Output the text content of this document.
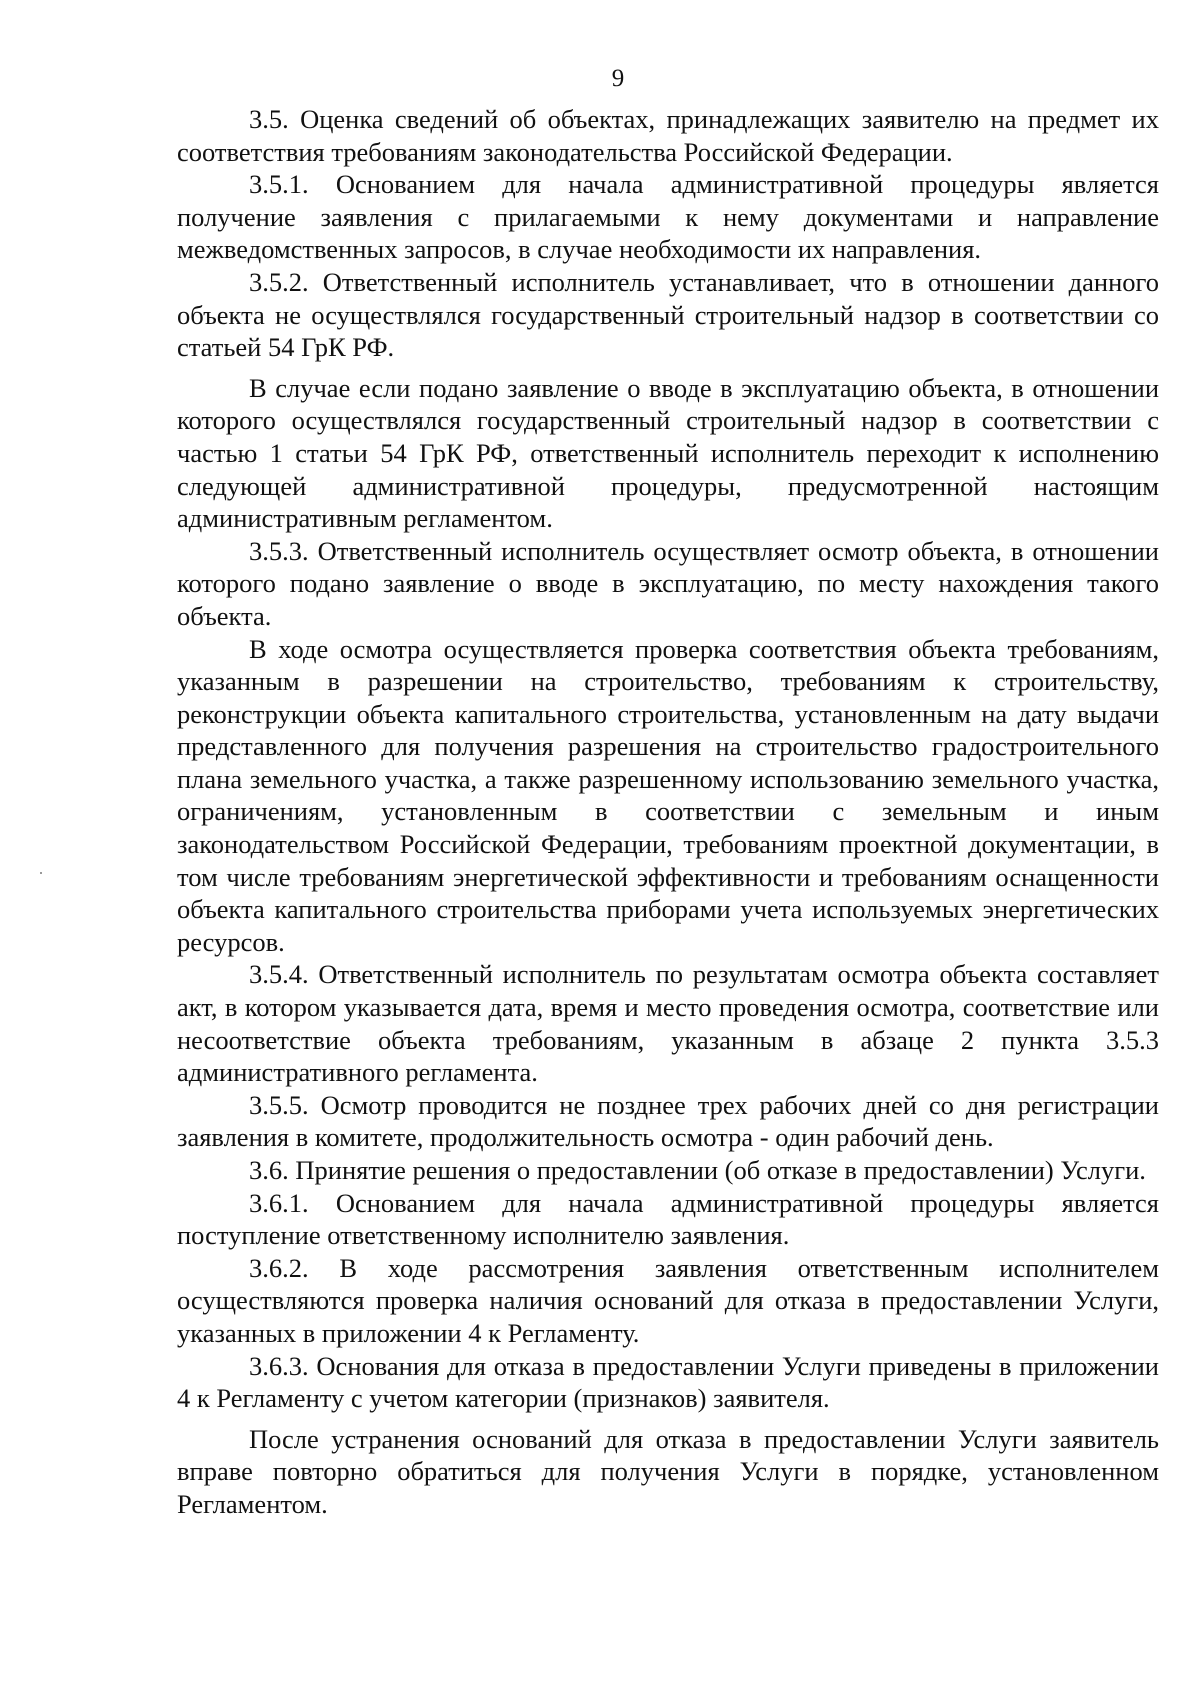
9

3.5. Оценка сведений об объектах, принадлежащих заявителю на предмет их соответствия требованиям законодательства Российской Федерации.

3.5.1. Основанием для начала административной процедуры является получение заявления с прилагаемыми к нему документами и направление межведомственных запросов, в случае необходимости их направления.

3.5.2. Ответственный исполнитель устанавливает, что в отношении данного объекта не осуществлялся государственный строительный надзор в соответствии со статьей 54 ГрК РФ.

В случае если подано заявление о вводе в эксплуатацию объекта, в отношении которого осуществлялся государственный строительный надзор в соответствии с частью 1 статьи 54 ГрК РФ, ответственный исполнитель переходит к исполнению следующей административной процедуры, предусмотренной настоящим административным регламентом.

3.5.3. Ответственный исполнитель осуществляет осмотр объекта, в отношении которого подано заявление о вводе в эксплуатацию, по месту нахождения такого объекта.

В ходе осмотра осуществляется проверка соответствия объекта требованиям, указанным в разрешении на строительство, требованиям к строительству, реконструкции объекта капитального строительства, установленным на дату выдачи представленного для получения разрешения на строительство градостроительного плана земельного участка, а также разрешенному использованию земельного участка, ограничениям, установленным в соответствии с земельным и иным законодательством Российской Федерации, требованиям проектной документации, в том числе требованиям энергетической эффективности и требованиям оснащенности объекта капитального строительства приборами учета используемых энергетических ресурсов.

3.5.4. Ответственный исполнитель по результатам осмотра объекта составляет акт, в котором указывается дата, время и место проведения осмотра, соответствие или несоответствие объекта требованиям, указанным в абзаце 2 пункта 3.5.3 административного регламента.

3.5.5. Осмотр проводится не позднее трех рабочих дней со дня регистрации заявления в комитете, продолжительность осмотра - один рабочий день.

3.6. Принятие решения о предоставлении (об отказе в предоставлении) Услуги.

3.6.1. Основанием для начала административной процедуры является поступление ответственному исполнителю заявления.

3.6.2. В ходе рассмотрения заявления ответственным исполнителем осуществляются проверка наличия оснований для отказа в предоставлении Услуги, указанных в приложении 4 к Регламенту.

3.6.3. Основания для отказа в предоставлении Услуги приведены в приложении 4 к Регламенту с учетом категории (признаков) заявителя.

После устранения оснований для отказа в предоставлении Услуги заявитель вправе повторно обратиться для получения Услуги в порядке, установленном Регламентом.
